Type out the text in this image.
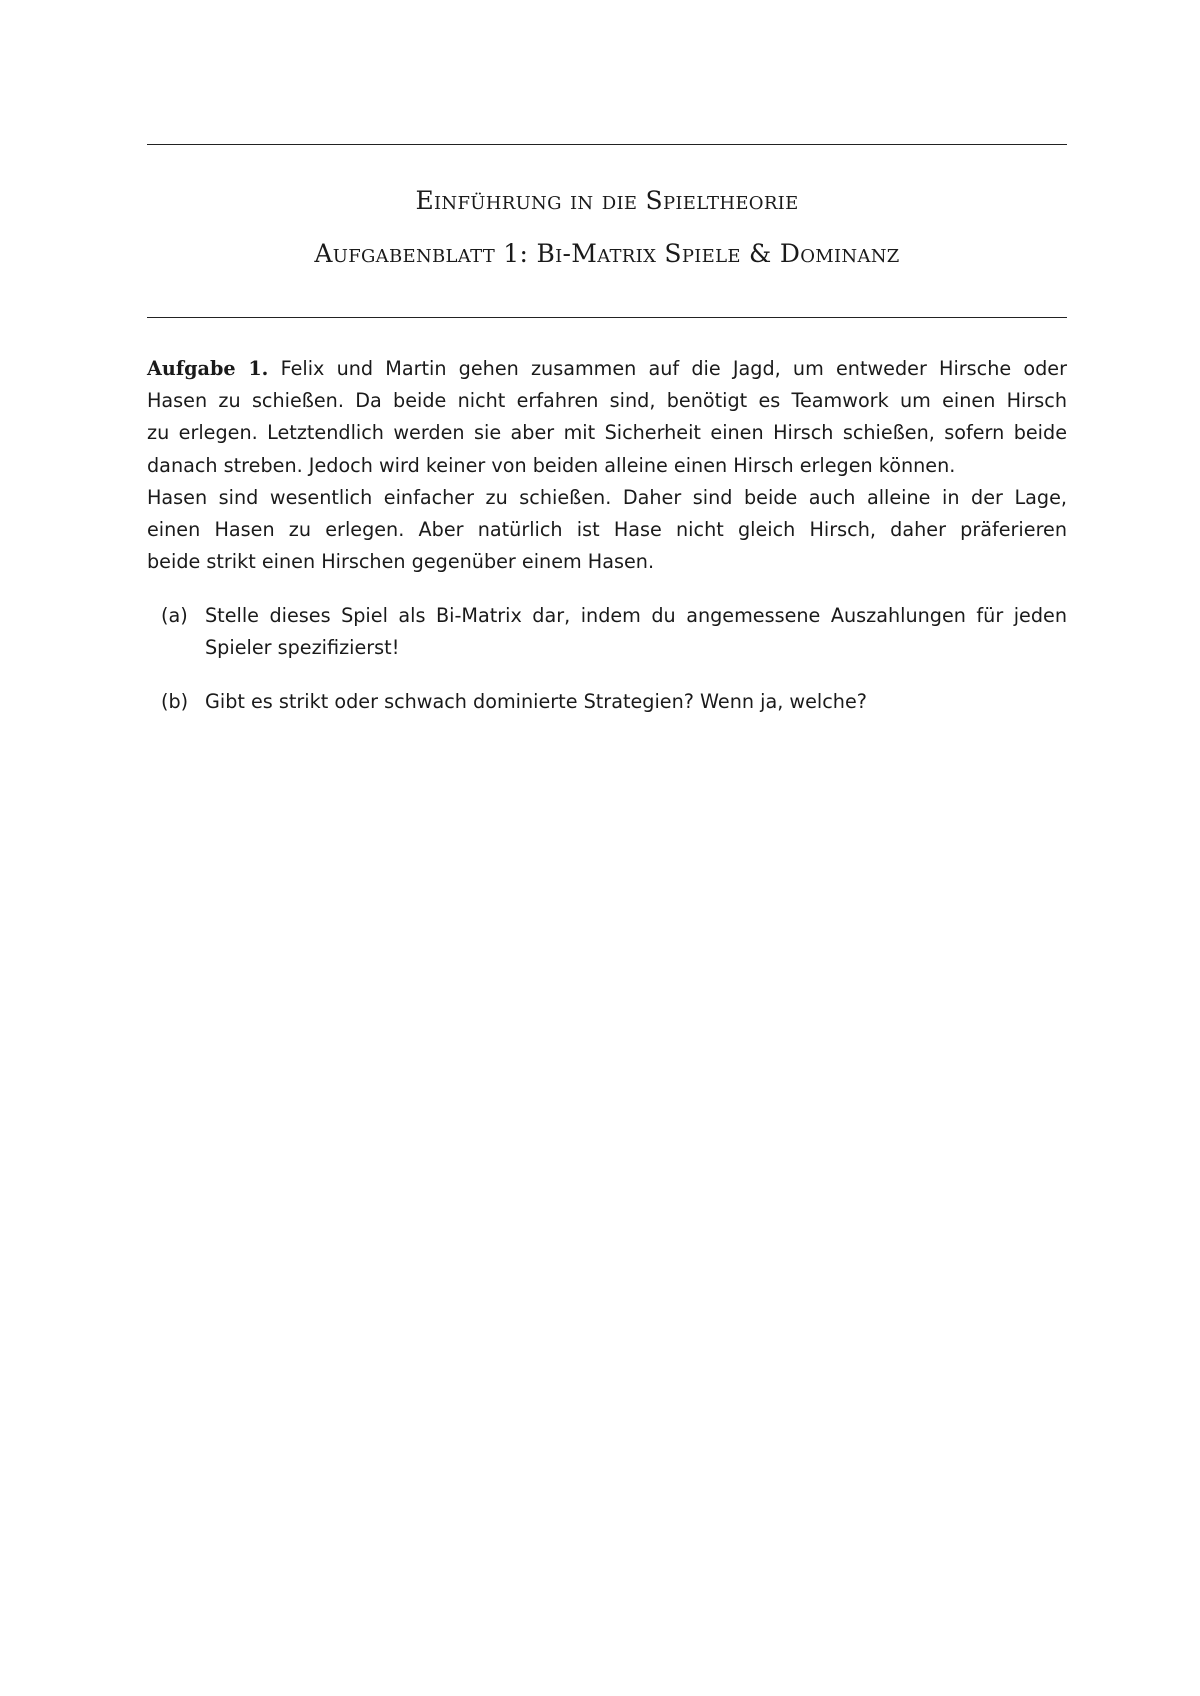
Einführung in die Spieltheorie
Aufgabenblatt 1: Bi-Matrix Spiele & Dominanz
Aufgabe 1. Felix und Martin gehen zusammen auf die Jagd, um entweder Hirsche oder
Hasen zu schießen. Da beide nicht erfahren sind, benötigt es Teamwork um einen Hirsch
zu erlegen. Letztendlich werden sie aber mit Sicherheit einen Hirsch schießen, sofern beide
danach streben. Jedoch wird keiner von beiden alleine einen Hirsch erlegen können.
Hasen sind wesentlich einfacher zu schießen. Daher sind beide auch alleine in der Lage,
einen Hasen zu erlegen. Aber natürlich ist Hase nicht gleich Hirsch, daher präferieren
beide strikt einen Hirschen gegenüber einem Hasen.
(a) Stelle dieses Spiel als Bi-Matrix dar, indem du angemessene Auszahlungen für jeden
Spieler spezifizierst!
(b) Gibt es strikt oder schwach dominierte Strategien? Wenn ja, welche?
